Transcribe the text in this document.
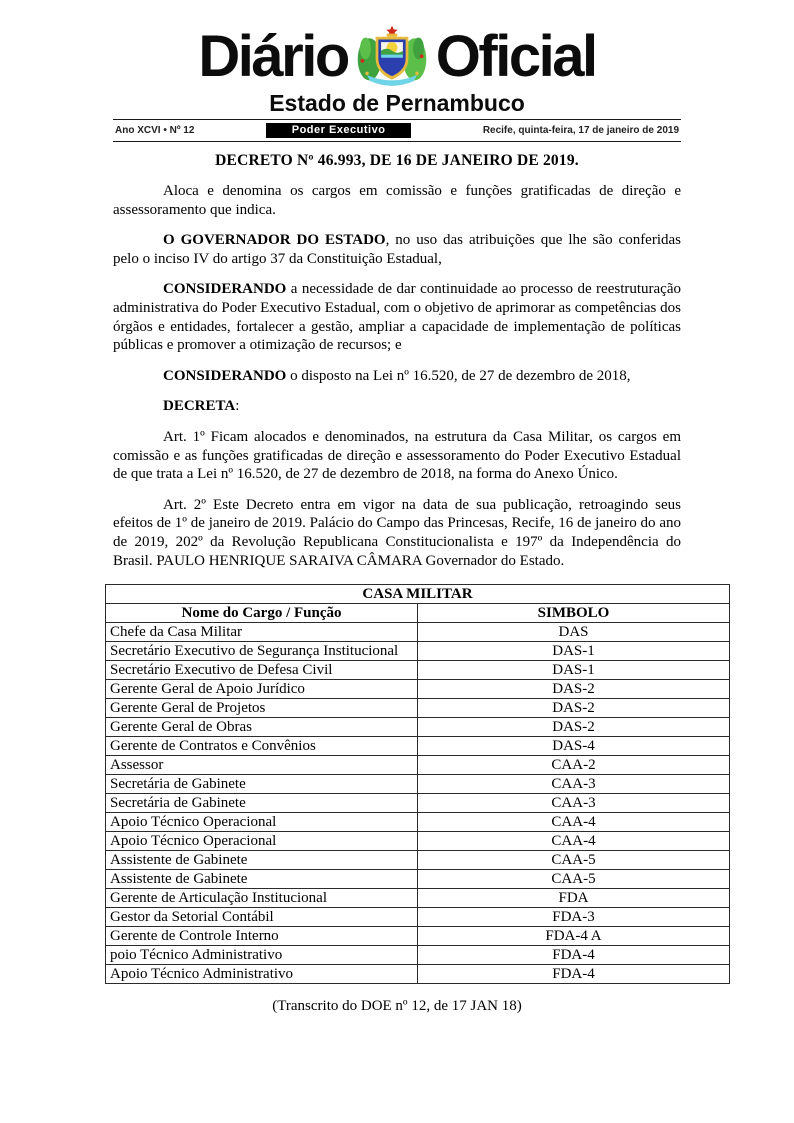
Diário Oficial
Estado de Pernambuco
Ano XCVI • Nº 12	Poder Executivo	Recife, quinta-feira, 17 de janeiro de 2019
DECRETO Nº 46.993, DE 16 DE JANEIRO DE 2019.

Aloca e denomina os cargos em comissão e funções gratificadas de direção e assessoramento que indica.

O GOVERNADOR DO ESTADO, no uso das atribuições que lhe são conferidas pelo o inciso IV do artigo 37 da Constituição Estadual,

CONSIDERANDO a necessidade de dar continuidade ao processo de reestruturação administrativa do Poder Executivo Estadual, com o objetivo de aprimorar as competências dos órgãos e entidades, fortalecer a gestão, ampliar a capacidade de implementação de políticas públicas e promover a otimização de recursos; e

CONSIDERANDO o disposto na Lei nº 16.520, de 27 de dezembro de 2018,

DECRETA:

Art. 1º Ficam alocados e denominados, na estrutura da Casa Militar, os cargos em comissão e as funções gratificadas de direção e assessoramento do Poder Executivo Estadual de que trata a Lei nº 16.520, de 27 de dezembro de 2018, na forma do Anexo Único.

Art. 2º Este Decreto entra em vigor na data de sua publicação, retroagindo seus efeitos de 1º de janeiro de 2019. Palácio do Campo das Princesas, Recife, 16 de janeiro do ano de 2019, 202º da Revolução Republicana Constitucionalista e 197º da Independência do Brasil. PAULO HENRIQUE SARAIVA CÂMARA Governador do Estado.

CASA MILITAR	
Nome do Cargo / Função	SIMBOLO
Chefe da Casa Militar	DAS
Secretário Executivo de Segurança Institucional	DAS-1
Secretário Executivo de Defesa Civil	DAS-1
Gerente Geral de Apoio Jurídico	DAS-2
Gerente Geral de Projetos	DAS-2
Gerente Geral de Obras	DAS-2
Gerente de Contratos e Convênios	DAS-4
Assessor	CAA-2
Secretária de Gabinete	CAA-3
Secretária de Gabinete	CAA-3
Apoio Técnico Operacional	CAA-4
Apoio Técnico Operacional	CAA-4
Assistente de Gabinete	CAA-5
Assistente de Gabinete	CAA-5
Gerente de Articulação Institucional	FDA
Gestor da Setorial Contábil	FDA-3
Gerente de Controle Interno	FDA-4 A
poio Técnico Administrativo	FDA-4
Apoio Técnico Administrativo	FDA-4
(Transcrito do DOE nº 12, de 17 JAN 18)
